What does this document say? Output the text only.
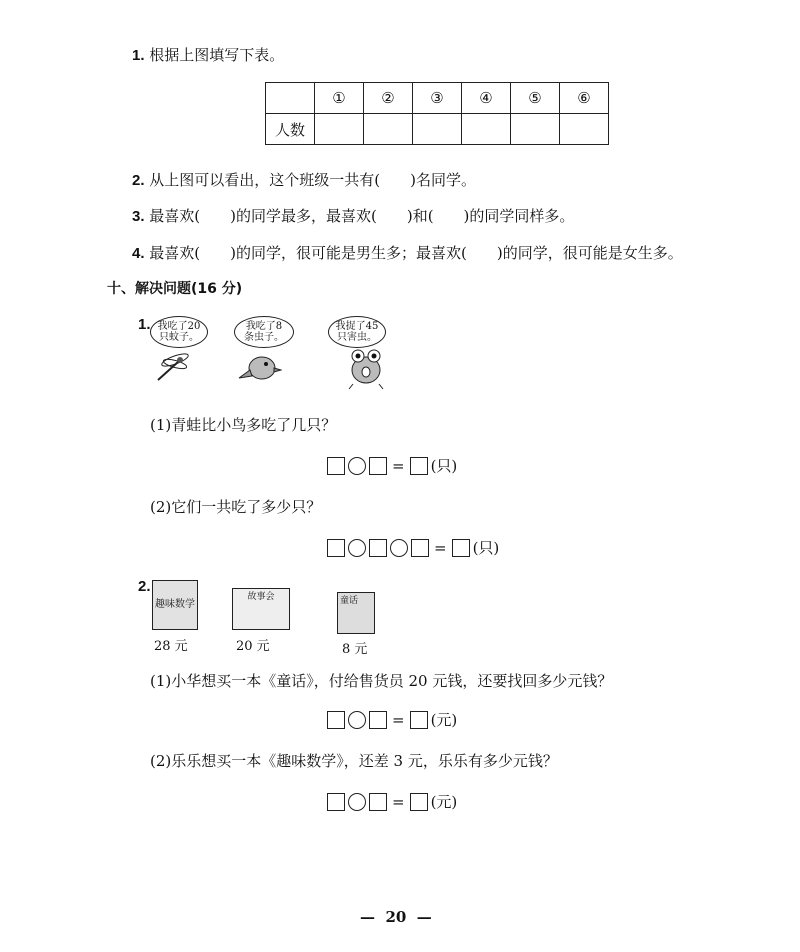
1. 根据上图填写下表。
	①	②	③	④	⑤	⑥
人数						
2. 从上图可以看出，这个班级一共有(　　)名同学。
3. 最喜欢(　　)的同学最多，最喜欢(　　)和(　　)的同学同样多。
4. 最喜欢(　　)的同学，很可能是男生多；最喜欢(　　)的同学，很可能是女生多。
十、解决问题(16 分)
1. 我吃了20只蚊子。
我吃了8条虫子。
我捉了45只害虫。
(1)青蛙比小鸟多吃了几只？
= (只)
(2)它们一共吃了多少只？
= (只)
2.
趣味数学
28 元
故事会
20 元
童话
8 元
(1)小华想买一本《童话》，付给售货员 20 元钱，还要找回多少元钱？
= (元)
(2)乐乐想买一本《趣味数学》，还差 3 元，乐乐有多少元钱？
= (元)
—  20  —
